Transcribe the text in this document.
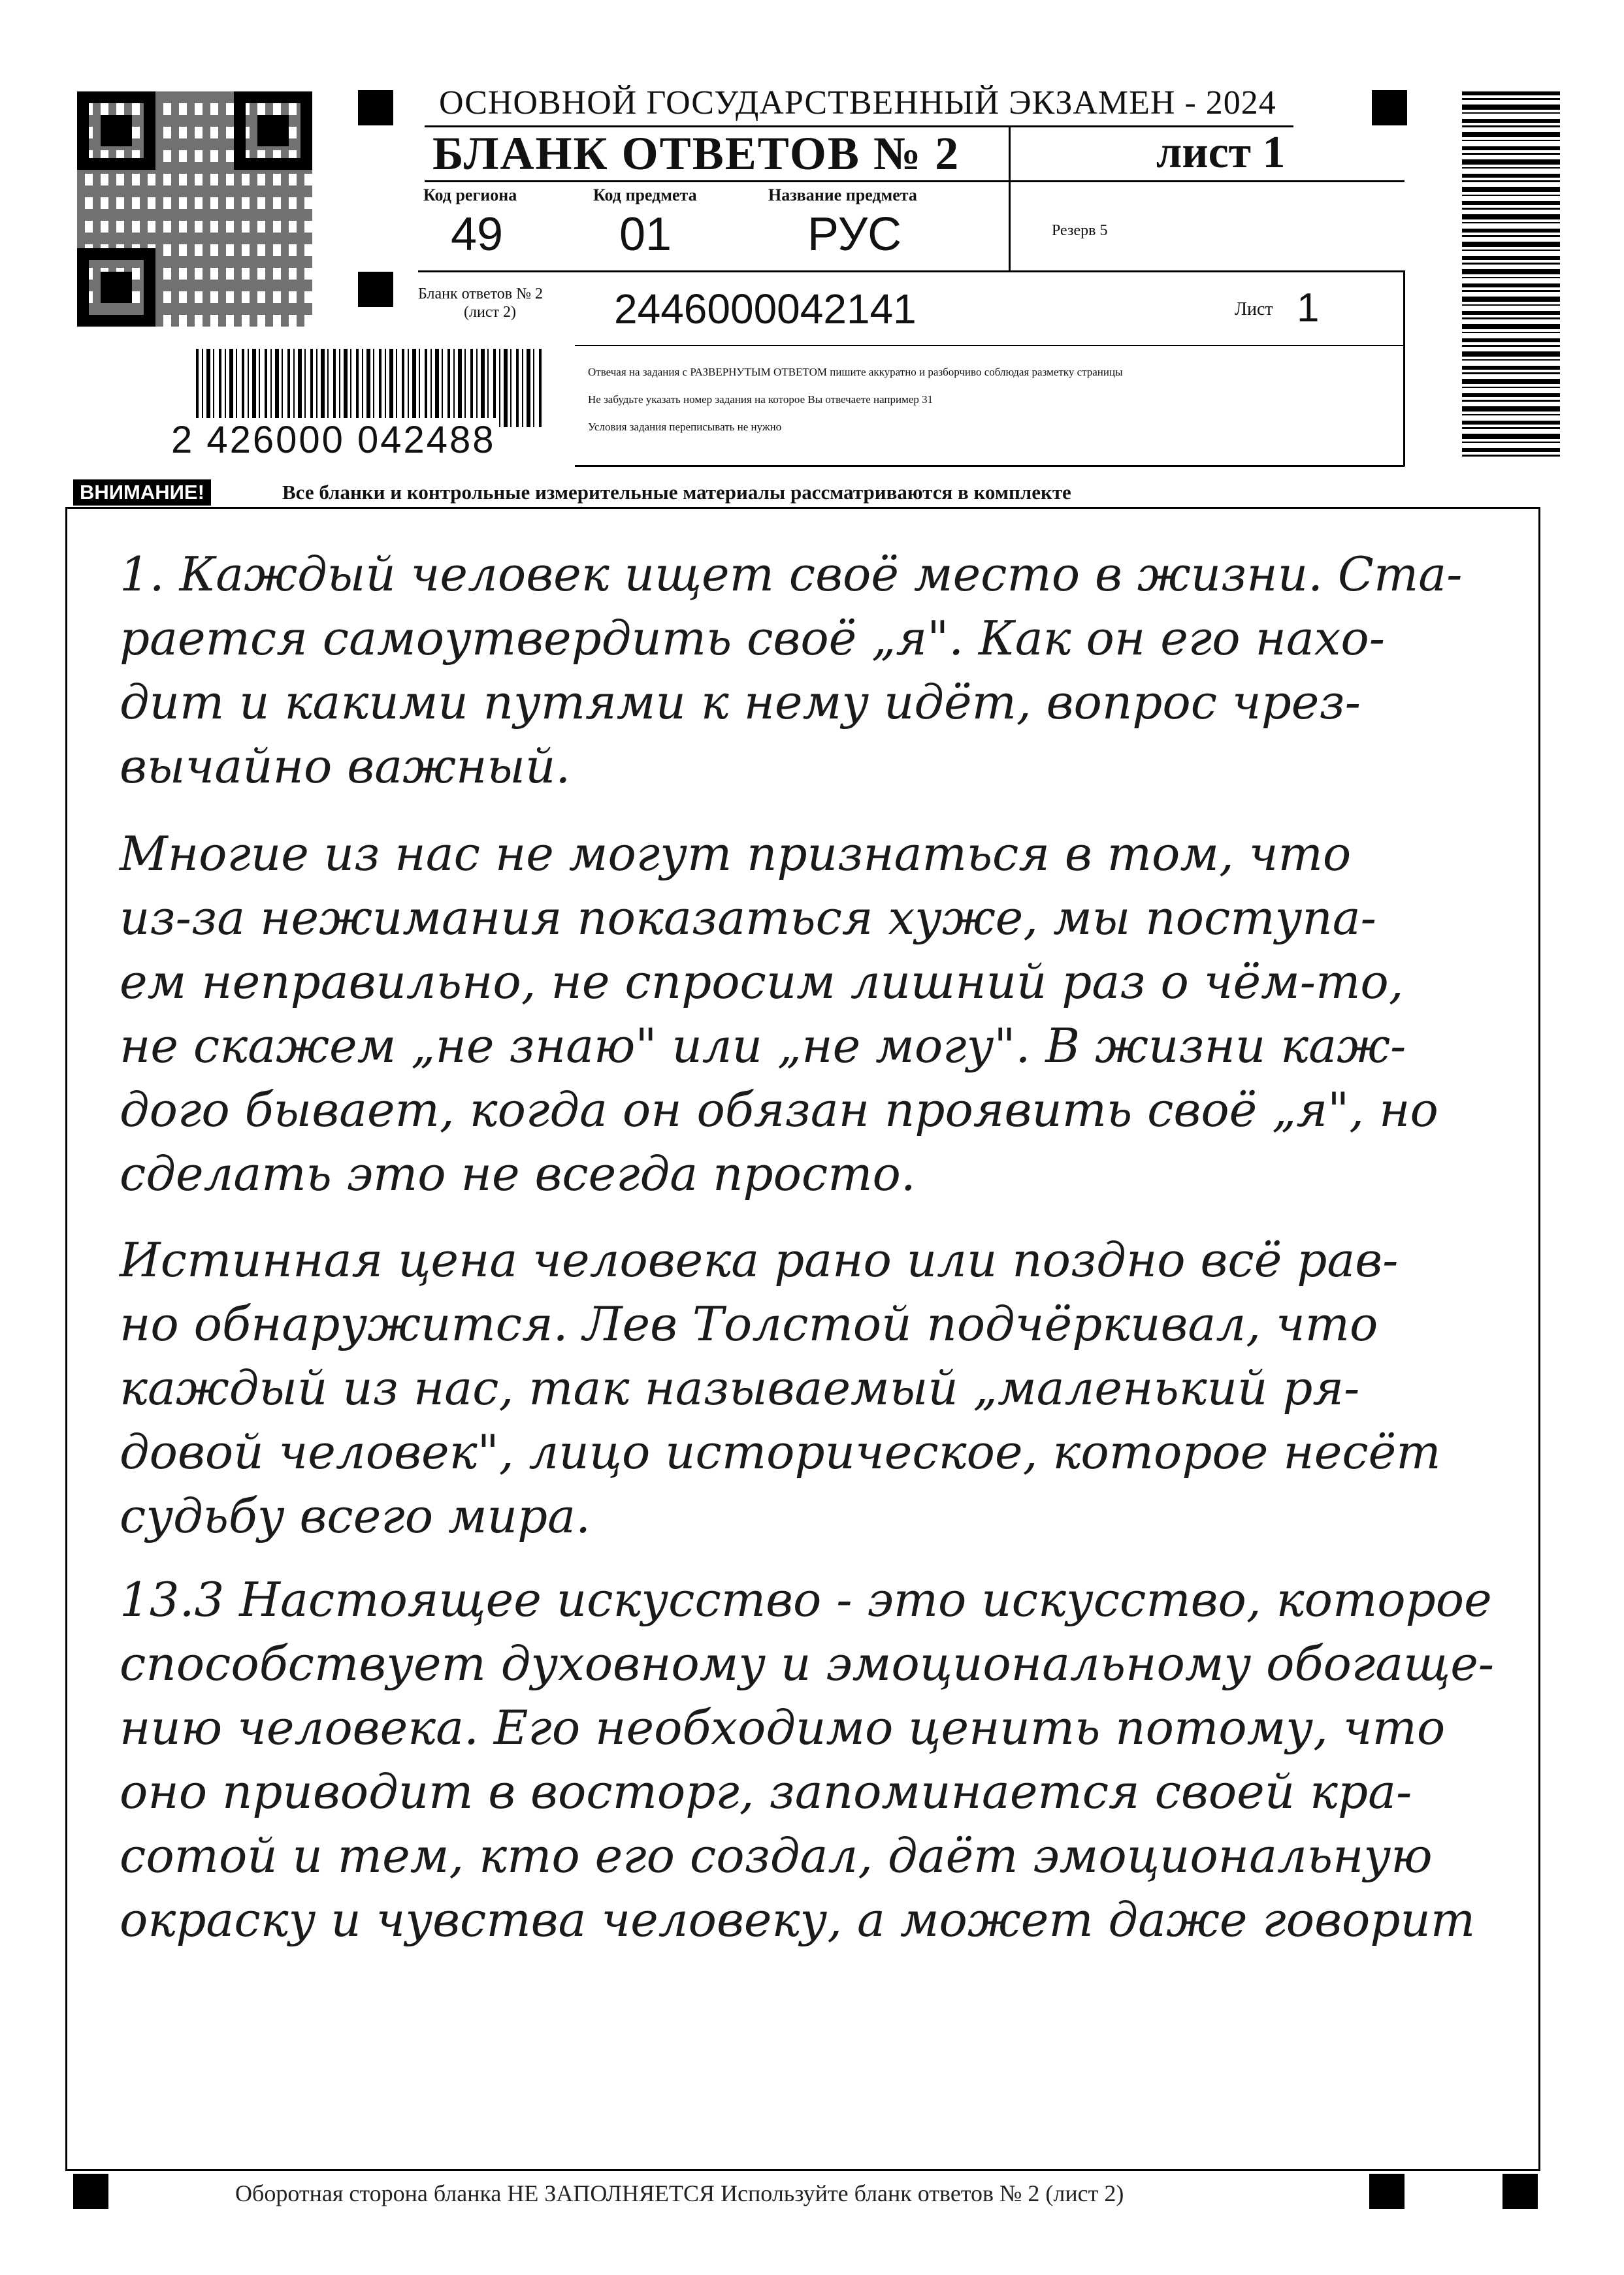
ОСНОВНОЙ ГОСУДАРСТВЕННЫЙ ЭКЗАМЕН - 2024
БЛАНК ОТВЕТОВ № 2	лист 1
Код региона	Код предмета	Название предмета
49 01	РУС	Резерв 5
Бланк ответов № 2
(лист 2)	2446000042141	Лист 1
Отвечая на задания с РАЗВЕРНУТЫМ ОТВЕТОМ пишите аккуратно и разборчиво соблюдая разметку страницы
Не забудьте указать номер задания на которое Вы отвечаете например 31
Условия задания переписывать не нужно
2 426000 042488
ВНИМАНИЕ!	Все бланки и контрольные измерительные материалы рассматриваются в комплекте
1. Каждый человек ищет своё место в жизни. Ста-
рается самоутвердить своё „я". Как он его нахо-
дит и какими путями к нему идёт, вопрос чрез-
вычайно важный.
Многие из нас не могут признаться в том, что
из-за нежимания показаться хуже, мы поступа-
ем неправильно, не спросим лишний раз о чём-то,
не скажем „не знаю" или „не могу". В жизни каж-
дого бывает, когда он обязан проявить своё „я", но
сделать это не всегда просто.
Истинная цена человека рано или поздно всё рав-
но обнаружится. Лев Толстой подчёркивал, что
каждый из нас, так называемый „маленький ря-
довой человек", лицо историческое, которое несёт
судьбу всего мира.
13.3 Настоящее искусство - это искусство, которое
способствует духовному и эмоциональному обогаще-
нию человека. Его необходимо ценить потому, что
оно приводит в восторг, запоминается своей кра-
сотой и тем, кто его создал, даёт эмоциональную
окраску и чувства человеку, а может даже говорит
Оборотная сторона бланка НЕ ЗАПОЛНЯЕТСЯ Используйте бланк ответов № 2 (лист 2)
